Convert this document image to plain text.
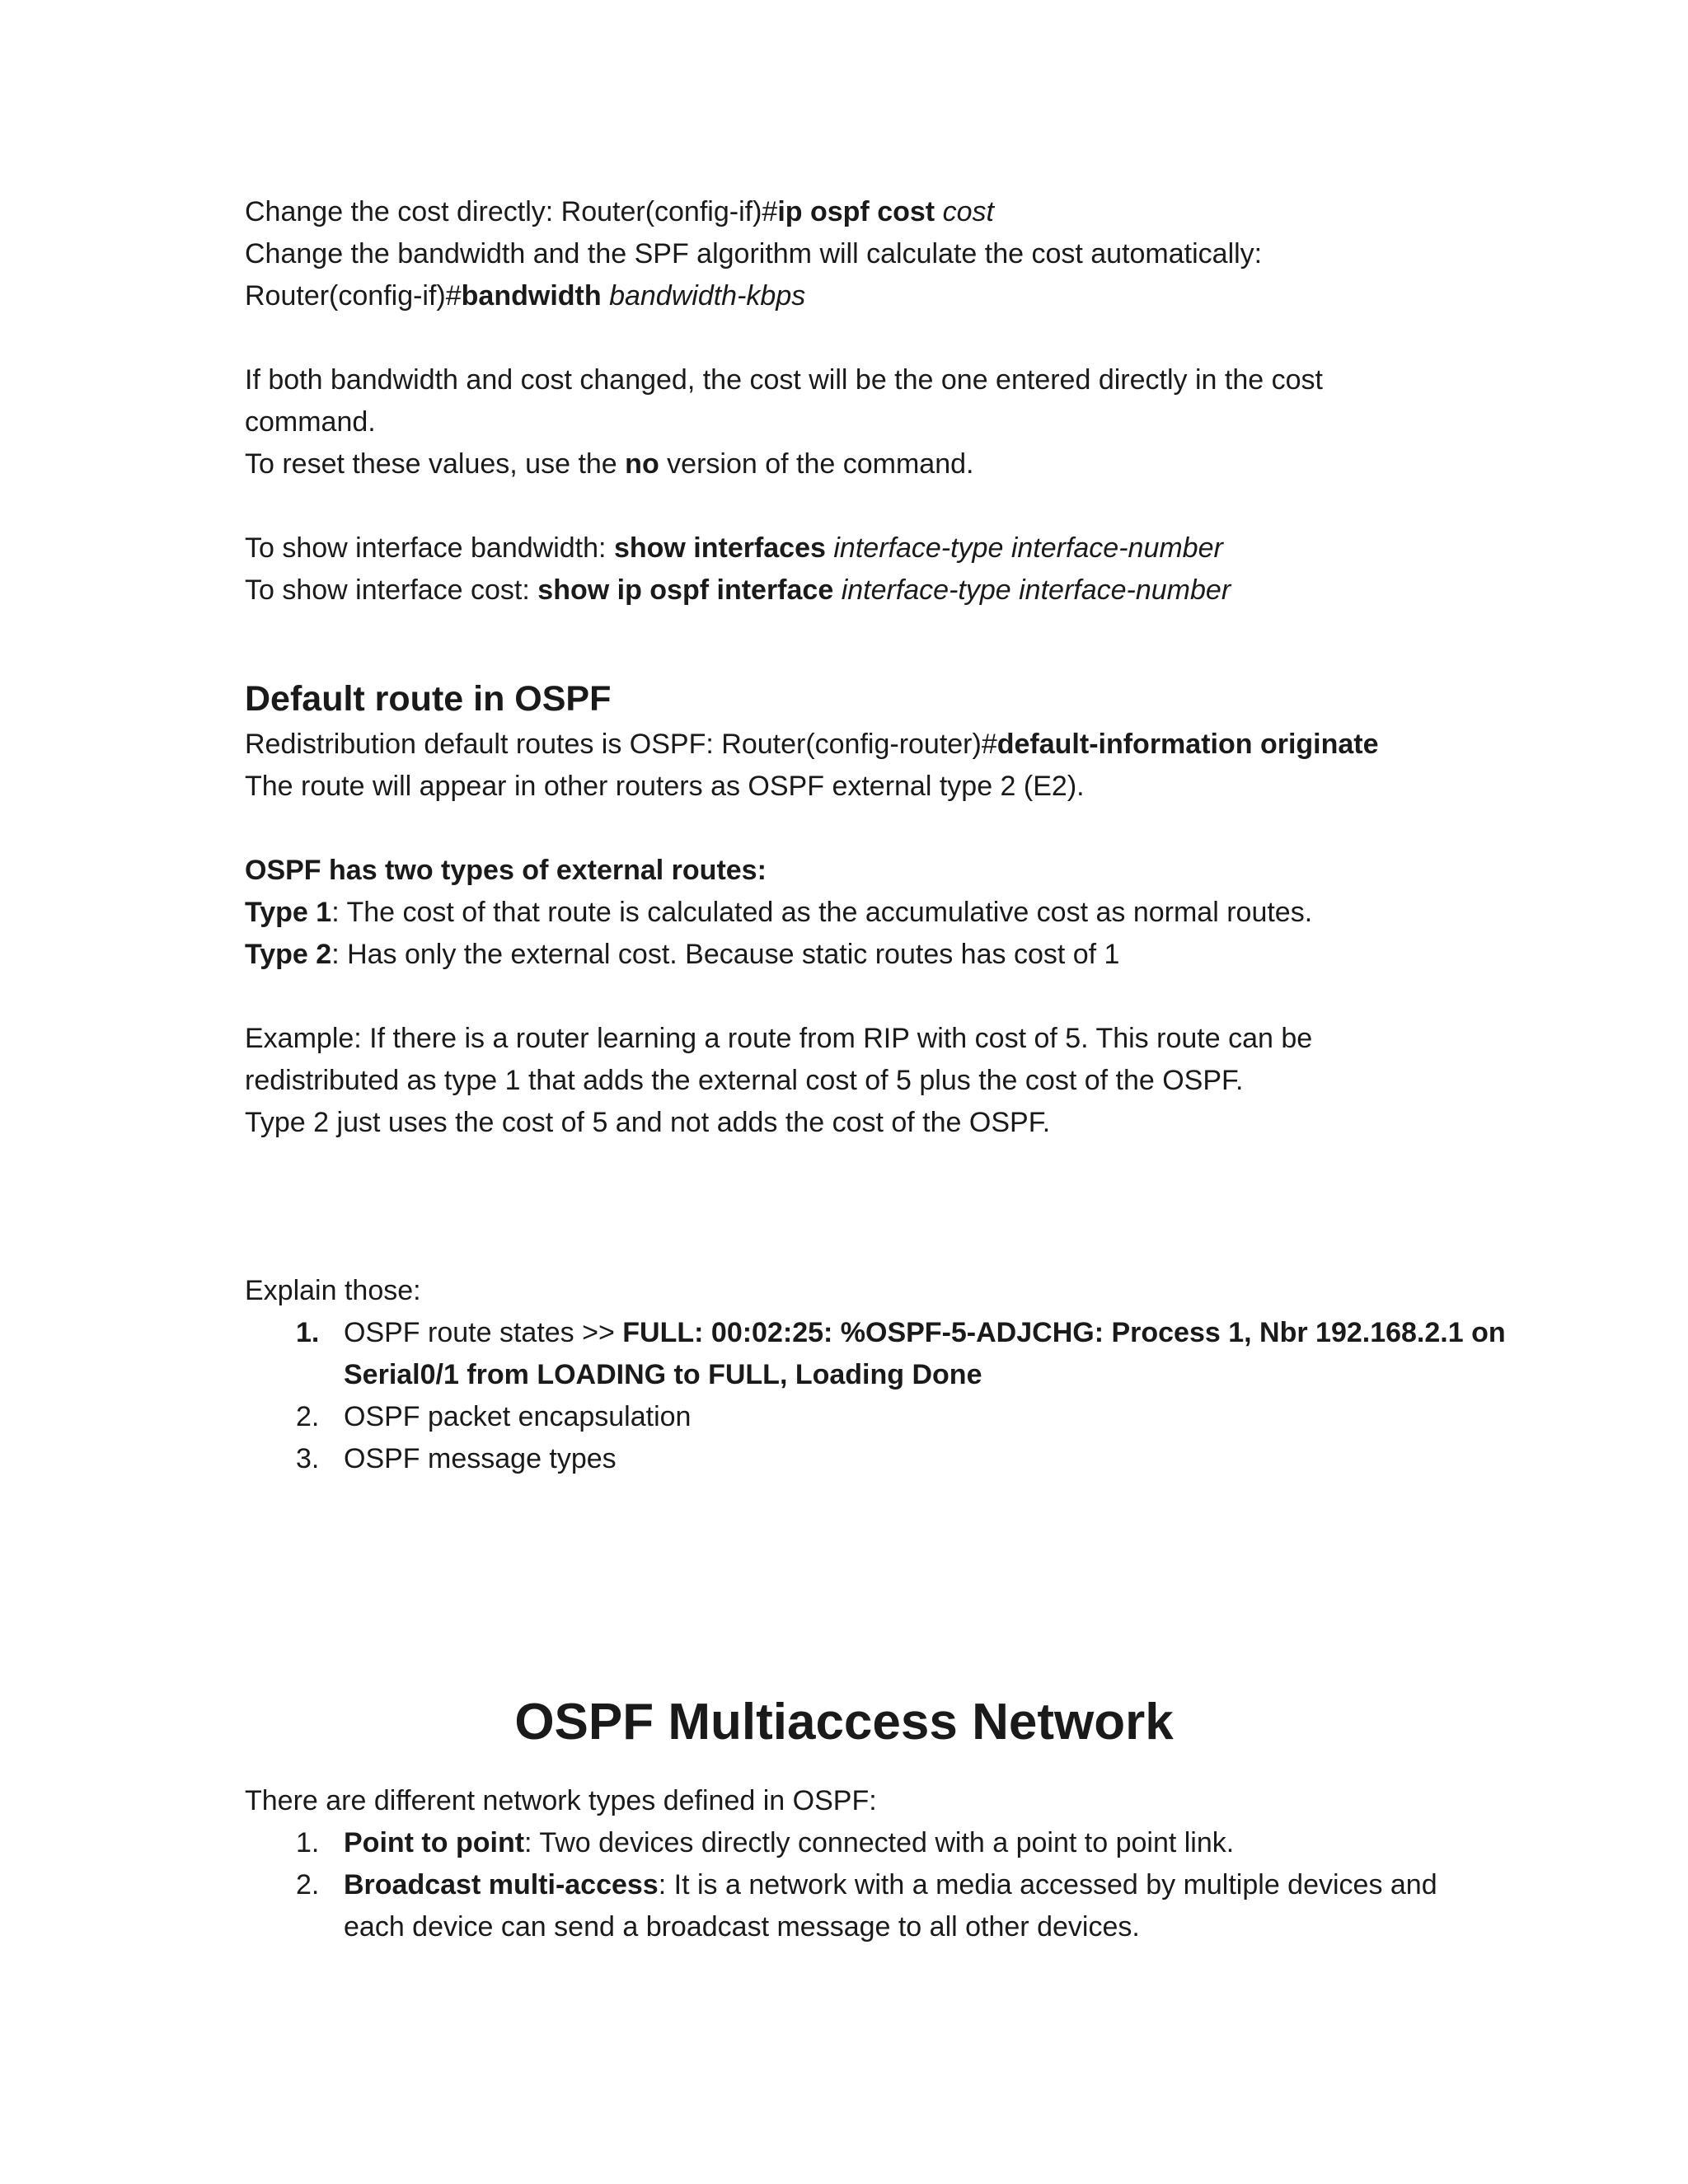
Change the cost directly: Router(config-if)#ip ospf cost cost

Change the bandwidth and the SPF algorithm will calculate the cost automatically:

Router(config-if)#bandwidth bandwidth-kbps

If both bandwidth and cost changed, the cost will be the one entered directly in the cost

command.

To reset these values, use the no version of the command.

To show interface bandwidth: show interfaces interface-type interface-number

To show interface cost: show ip ospf interface interface-type interface-number

Default route in OSPF

Redistribution default routes is OSPF: Router(config-router)#default-information originate

The route will appear in other routers as OSPF external type 2 (E2).

OSPF has two types of external routes:

Type 1: The cost of that route is calculated as the accumulative cost as normal routes.

Type 2: Has only the external cost. Because static routes has cost of 1

Example: If there is a router learning a route from RIP with cost of 5. This route can be

redistributed as type 1 that adds the external cost of 5 plus the cost of the OSPF.

Type 2 just uses the cost of 5 and not adds the cost of the OSPF.

Explain those:

1. OSPF route states >> FULL: 00:02:25: %OSPF-5-ADJCHG: Process 1, Nbr 192.168.2.1 on
Serial0/1 from LOADING to FULL, Loading Done
2. OSPF packet encapsulation
3. OSPF message types

OSPF Multiaccess Network

There are different network types defined in OSPF:

1. Point to point: Two devices directly connected with a point to point link.
2. Broadcast multi-access: It is a network with a media accessed by multiple devices and
each device can send a broadcast message to all other devices.
